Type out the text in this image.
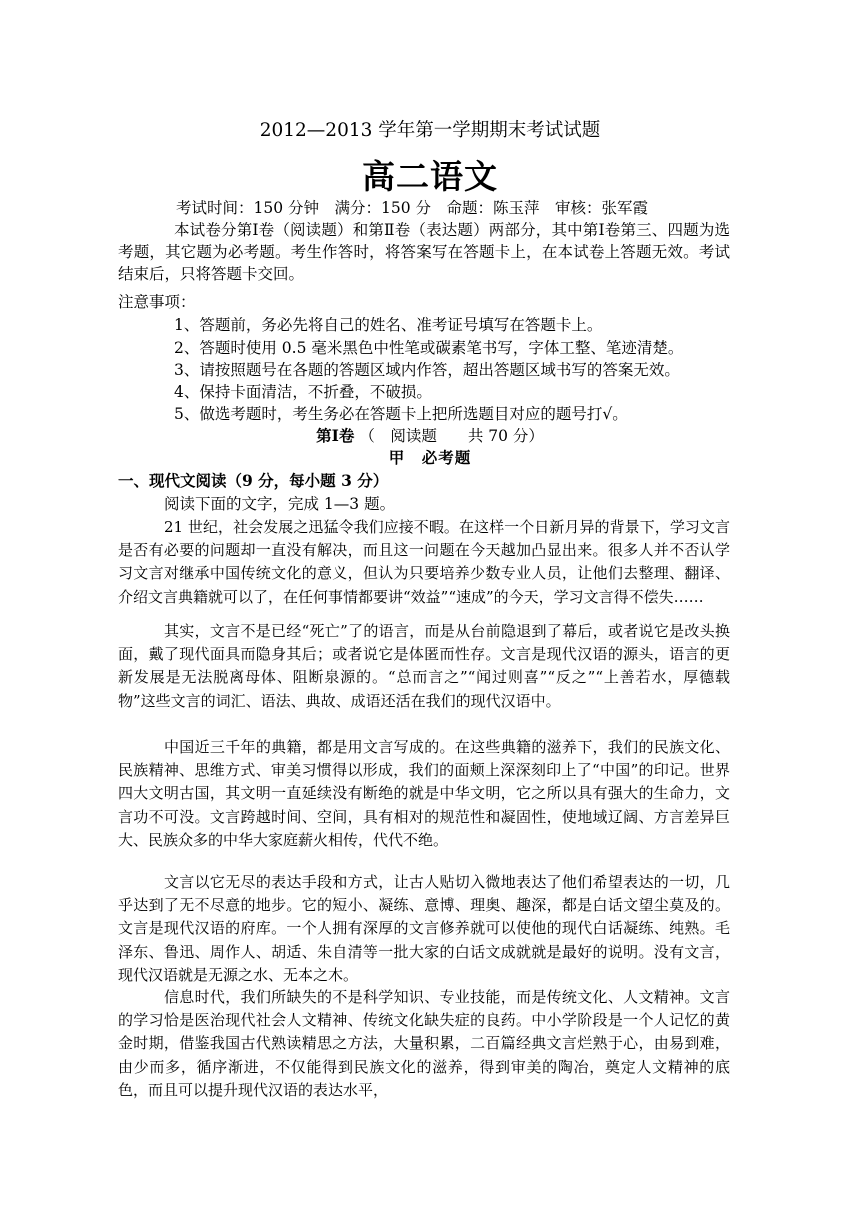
2012—2013 学年第一学期期末考试试题
高二语文
考试时间：150 分钟　满分：150 分　命题：陈玉萍　审核：张军霞
本试卷分第Ⅰ卷（阅读题）和第Ⅱ卷（表达题）两部分，其中第Ⅰ卷第三、四题为选考题，其它题为必考题。考生作答时，将答案写在答题卡上，在本试卷上答题无效。考试结束后，只将答题卡交回。
注意事项：
1、答题前，务必先将自己的姓名、准考证号填写在答题卡上。
2、答题时使用 0.5 毫米黑色中性笔或碳素笔书写，字体工整、笔迹清楚。
3、请按照题号在各题的答题区域内作答，超出答题区域书写的答案无效。
4、保持卡面清洁，不折叠，不破损。
5、做选考题时，考生务必在答题卡上把所选题目对应的题号打√。
第Ⅰ卷 （　阅读题　　共 70 分）
甲　必考题
一、现代文阅读（9 分，每小题 3 分）
阅读下面的文字，完成 1—3 题。
21 世纪，社会发展之迅猛令我们应接不暇。在这样一个日新月异的背景下，学习文言是否有必要的问题却一直没有解决，而且这一问题在今天越加凸显出来。很多人并不否认学习文言对继承中国传统文化的意义，但认为只要培养少数专业人员，让他们去整理、翻译、介绍文言典籍就可以了，在任何事情都要讲“效益”“速成”的今天，学习文言得不偿失……
其实，文言不是已经“死亡”了的语言，而是从台前隐退到了幕后，或者说它是改头换面，戴了现代面具而隐身其后；或者说它是体匿而性存。文言是现代汉语的源头，语言的更新发展是无法脱离母体、阻断泉源的。“总而言之”“闻过则喜”“反之”“上善若水，厚德载物”这些文言的词汇、语法、典故、成语还活在我们的现代汉语中。
中国近三千年的典籍，都是用文言写成的。在这些典籍的滋养下，我们的民族文化、民族精神、思维方式、审美习惯得以形成，我们的面颊上深深刻印上了“中国”的印记。世界四大文明古国，其文明一直延续没有断绝的就是中华文明，它之所以具有强大的生命力，文言功不可没。文言跨越时间、空间，具有相对的规范性和凝固性，使地域辽阔、方言差异巨大、民族众多的中华大家庭薪火相传，代代不绝。
文言以它无尽的表达手段和方式，让古人贴切入微地表达了他们希望表达的一切，几乎达到了无不尽意的地步。它的短小、凝练、意博、理奥、趣深，都是白话文望尘莫及的。文言是现代汉语的府库。一个人拥有深厚的文言修养就可以使他的现代白话凝练、纯熟。毛泽东、鲁迅、周作人、胡适、朱自清等一批大家的白话文成就就是最好的说明。没有文言，现代汉语就是无源之水、无本之木。
信息时代，我们所缺失的不是科学知识、专业技能，而是传统文化、人文精神。文言的学习恰是医治现代社会人文精神、传统文化缺失症的良药。中小学阶段是一个人记忆的黄金时期，借鉴我国古代熟读精思之方法，大量积累，二百篇经典文言烂熟于心，由易到难，由少而多，循序渐进，不仅能得到民族文化的滋养，得到审美的陶冶，奠定人文精神的底色，而且可以提升现代汉语的表达水平，
